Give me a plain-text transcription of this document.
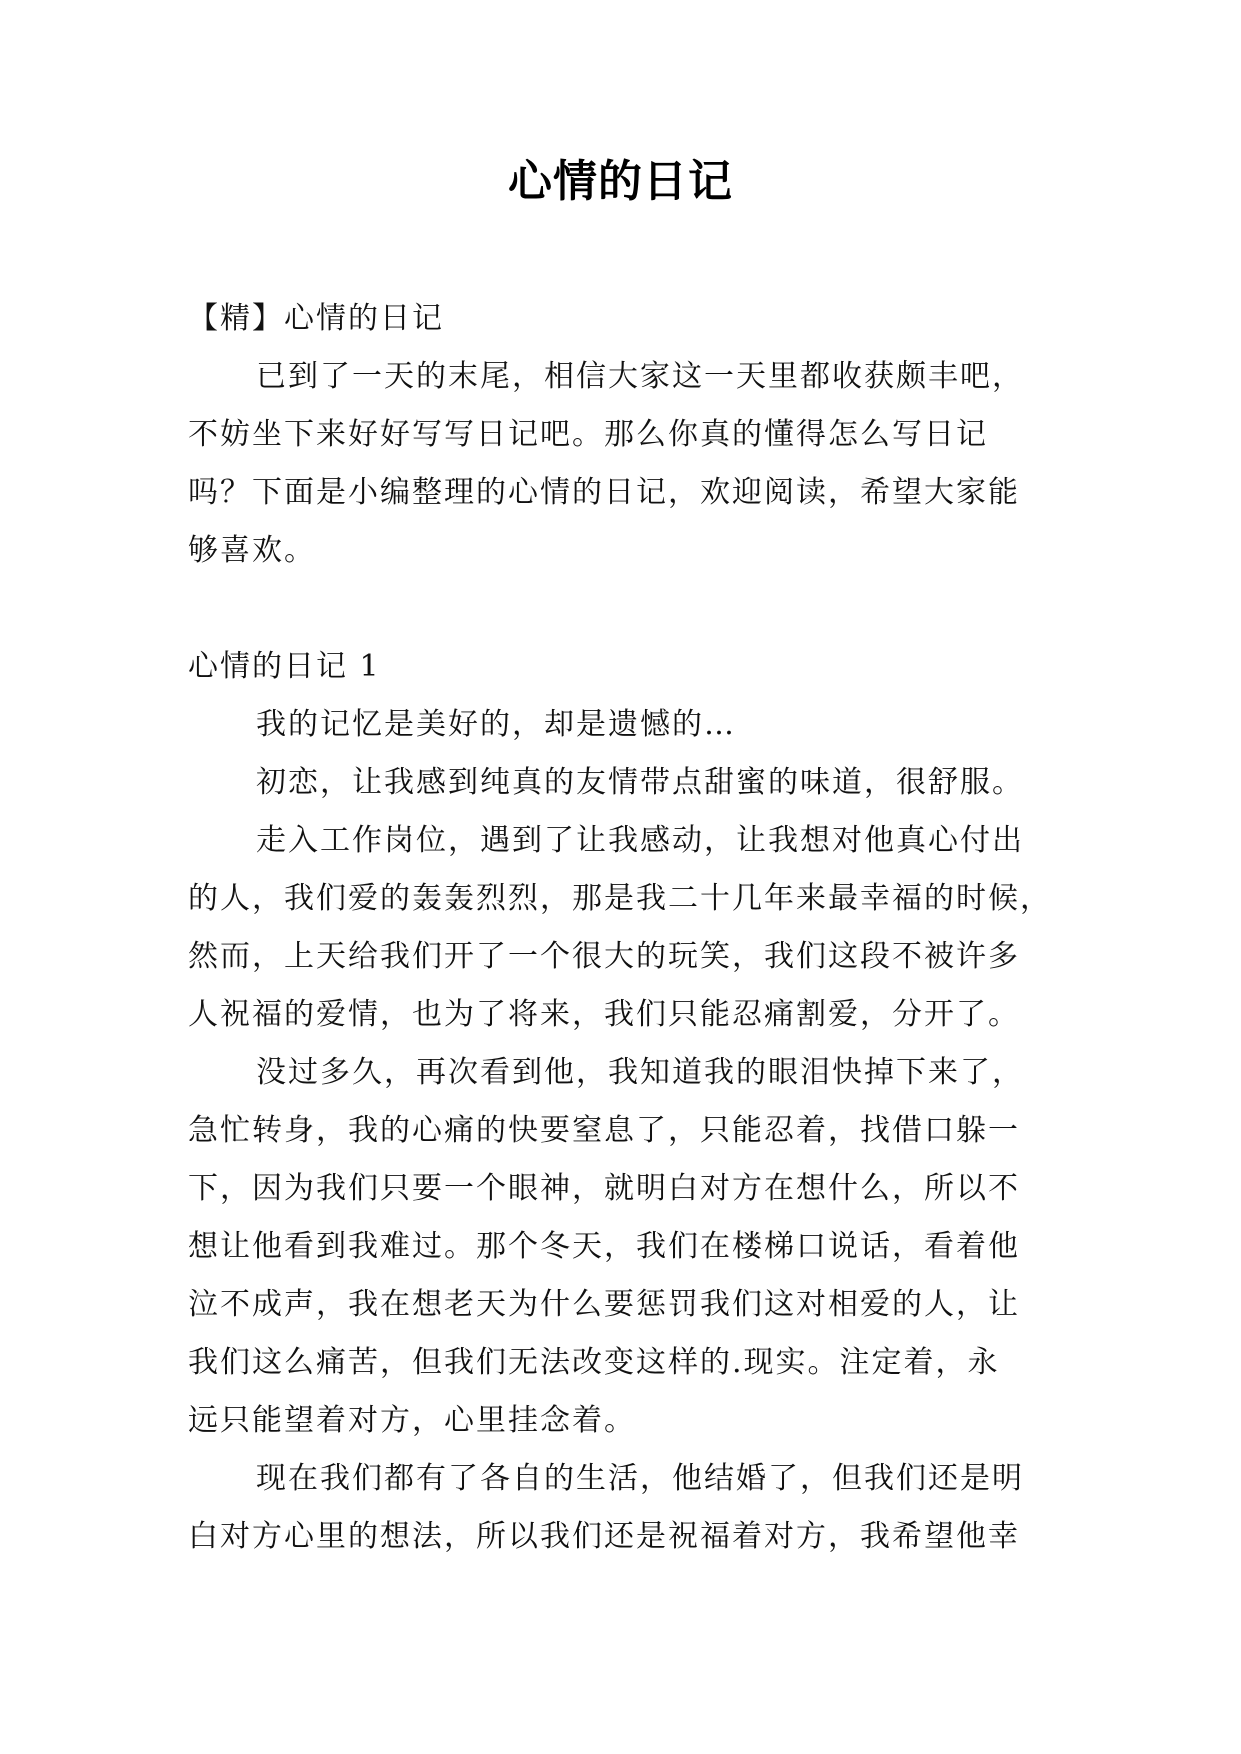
心情的日记
【精】心情的日记
已到了一天的末尾，相信大家这一天里都收获颇丰吧，
不妨坐下来好好写写日记吧。那么你真的懂得怎么写日记
吗？下面是小编整理的心情的日记，欢迎阅读，希望大家能
够喜欢。
心情的日记 1
我的记忆是美好的，却是遗憾的…
初恋，让我感到纯真的友情带点甜蜜的味道，很舒服。
走入工作岗位，遇到了让我感动，让我想对他真心付出
的人，我们爱的轰轰烈烈，那是我二十几年来最幸福的时候，
然而，上天给我们开了一个很大的玩笑，我们这段不被许多
人祝福的爱情，也为了将来，我们只能忍痛割爱，分开了。
没过多久，再次看到他，我知道我的眼泪快掉下来了，
急忙转身，我的心痛的快要窒息了，只能忍着，找借口躲一
下，因为我们只要一个眼神，就明白对方在想什么，所以不
想让他看到我难过。那个冬天，我们在楼梯口说话，看着他
泣不成声，我在想老天为什么要惩罚我们这对相爱的人，让
我们这么痛苦，但我们无法改变这样的.现实。注定着，永
远只能望着对方，心里挂念着。
现在我们都有了各自的生活，他结婚了，但我们还是明
白对方心里的想法，所以我们还是祝福着对方，我希望他幸
